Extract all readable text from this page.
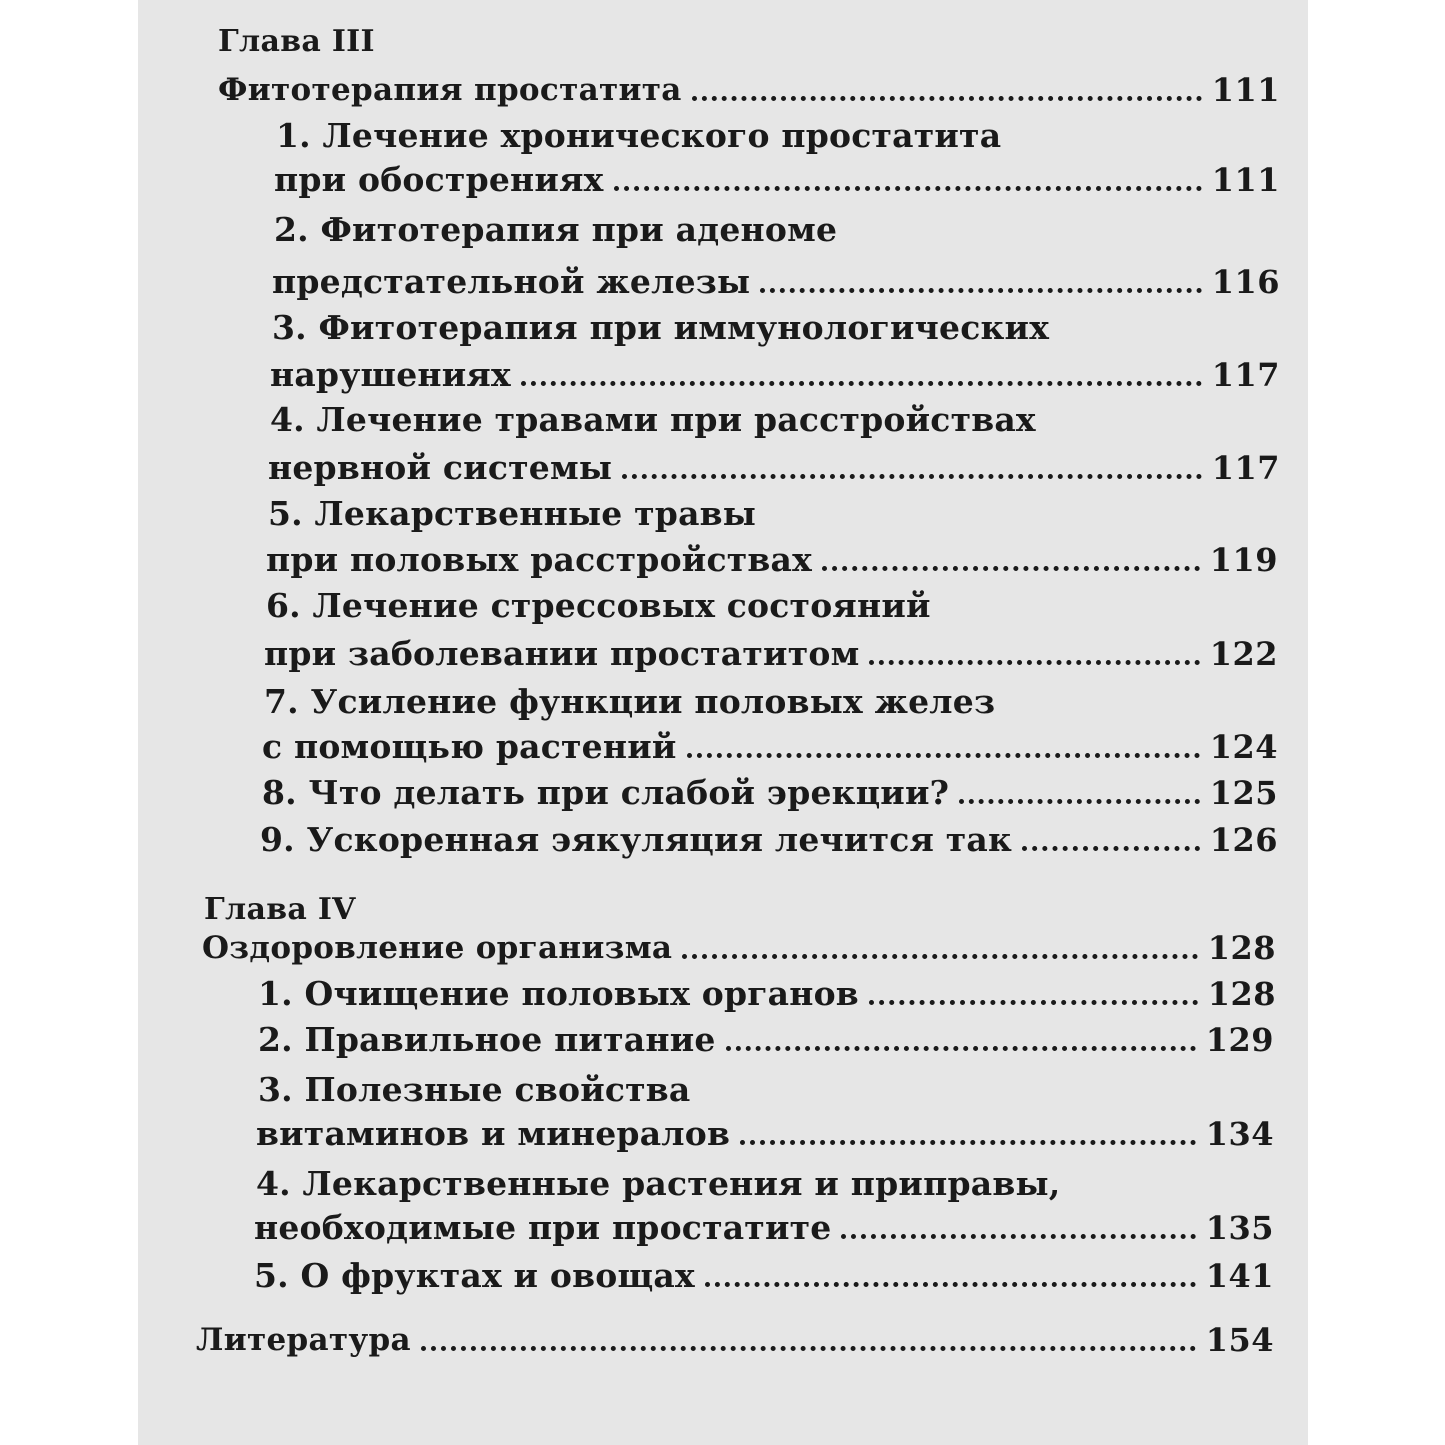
Глава III
Фитотерапия простатита	111
1. Лечение хронического простатита
при обострениях	111
2. Фитотерапия при аденоме
предстательной железы	116
3. Фитотерапия при иммунологических
нарушениях	117
4. Лечение травами при расстройствах
нервной системы	117
5. Лекарственные травы
при половых расстройствах	119
6. Лечение стрессовых состояний
при заболевании простатитом	122
7. Усиление функции половых желез
с помощью растений	124
8. Что делать при слабой эрекции?	125
9. Ускоренная эякуляция лечится так	126
Глава IV
Оздоровление организма	128
1. Очищение половых органов	128
2. Правильное питание	129
3. Полезные свойства
витаминов и минералов	134
4. Лекарственные растения и приправы,
необходимые при простатите	135
5. О фруктах и овощах	141
Литература	154
